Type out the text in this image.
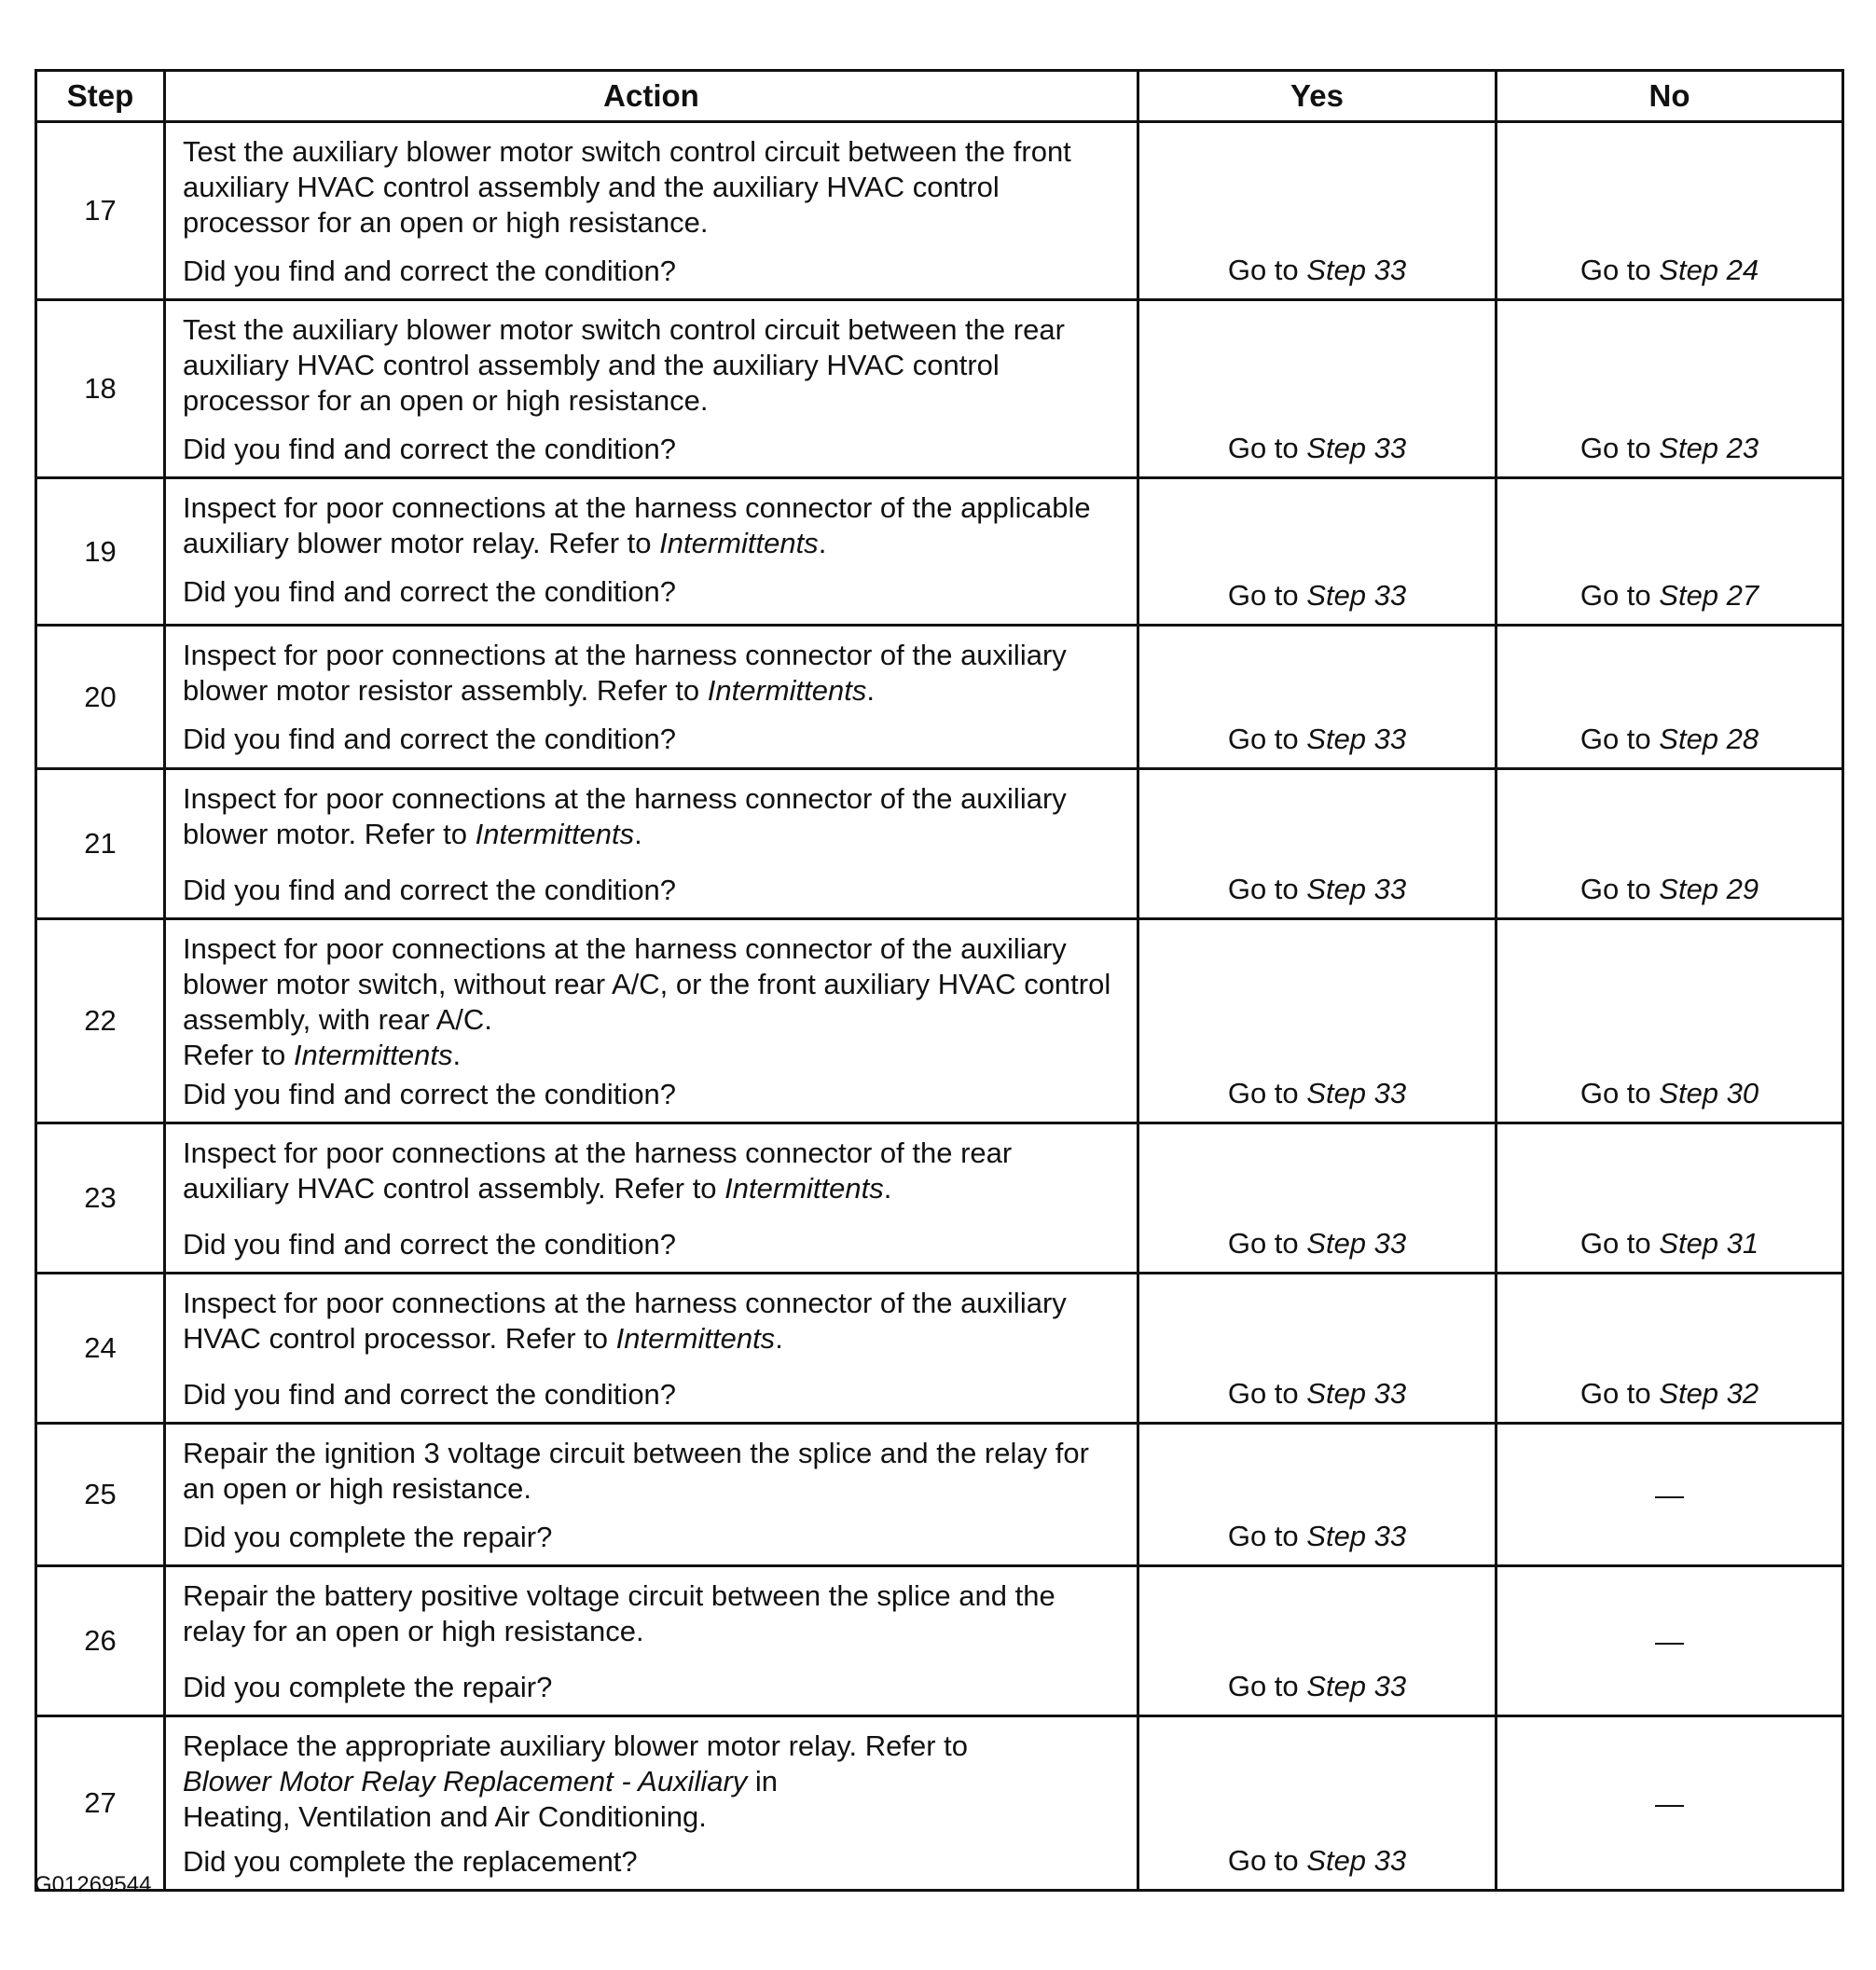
Step	Action	Yes	No
17	Test the auxiliary blower motor switch control circuit between the front auxiliary HVAC control assembly and the auxiliary HVAC control processor for an open or high resistance.
Did you find and correct the condition?	Go to Step 33	Go to Step 24
18	Test the auxiliary blower motor switch control circuit between the rear auxiliary HVAC control assembly and the auxiliary HVAC control processor for an open or high resistance.
Did you find and correct the condition?	Go to Step 33	Go to Step 23
19	Inspect for poor connections at the harness connector of the applicable auxiliary blower motor relay. Refer to Intermittents.
Did you find and correct the condition?	Go to Step 33	Go to Step 27
20	Inspect for poor connections at the harness connector of the auxiliary blower motor resistor assembly. Refer to Intermittents.
Did you find and correct the condition?	Go to Step 33	Go to Step 28
21	Inspect for poor connections at the harness connector of the auxiliary blower motor. Refer to Intermittents.
Did you find and correct the condition?	Go to Step 33	Go to Step 29
22	Inspect for poor connections at the harness connector of the auxiliary blower motor switch, without rear A/C, or the front auxiliary HVAC control assembly, with rear A/C.
Refer to Intermittents.
Did you find and correct the condition?	Go to Step 33	Go to Step 30
23	Inspect for poor connections at the harness connector of the rear auxiliary HVAC control assembly. Refer to Intermittents.
Did you find and correct the condition?	Go to Step 33	Go to Step 31
24	Inspect for poor connections at the harness connector of the auxiliary HVAC control processor. Refer to Intermittents.
Did you find and correct the condition?	Go to Step 33	Go to Step 32
25	Repair the ignition 3 voltage circuit between the splice and the relay for an open or high resistance.
Did you complete the repair?	Go to Step 33	—
26	Repair the battery positive voltage circuit between the splice and the relay for an open or high resistance.
Did you complete the repair?	Go to Step 33	—
27	Replace the appropriate auxiliary blower motor relay. Refer to
Blower Motor Relay Replacement - Auxiliary in
Heating, Ventilation and Air Conditioning.
Did you complete the replacement?	Go to Step 33	—
G01269544
